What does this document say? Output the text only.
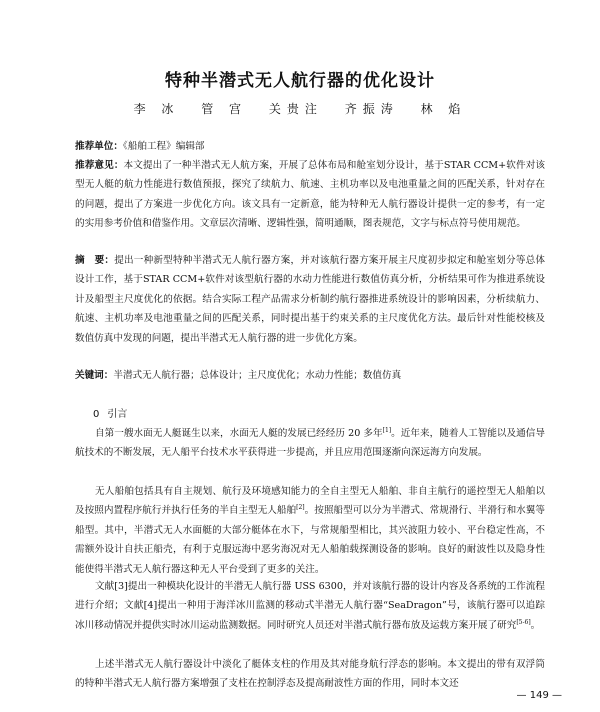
特种半潜式无人航行器的优化设计
李 冰 管 宫 关贵注 齐振涛 林 焰
推荐单位：《船舶工程》编辑部
推荐意见：本文提出了一种半潜式无人航方案，开展了总体布局和舱室划分设计，基于STAR CCM+软件对该型无人艇的航力性能进行数值预报，探究了续航力、航速、主机功率以及电池重量之间的匹配关系，针对存在的问题，提出了方案进一步优化方向。该文具有一定新意，能为特种无人航行器设计提供一定的参考，有一定的实用参考价值和借鉴作用。文章层次清晰、逻辑性强，简明通顺，图表规范，文字与标点符号使用规范。
摘　要：提出一种新型特种半潜式无人航行器方案，并对该航行器方案开展主尺度初步拟定和舱室划分等总体设计工作，基于STAR CCM+软件对该型航行器的水动力性能进行数值仿真分析，分析结果可作为推进系统设计及船型主尺度优化的依据。结合实际工程产品需求分析制约航行器推进系统设计的影响因素，分析续航力、航速、主机功率及电池重量之间的匹配关系，同时提出基于约束关系的主尺度优化方法。最后针对性能校核及数值仿真中发现的问题，提出半潜式无人航行器的进一步优化方案。
关键词：半潜式无人航行器；总体设计；主尺度优化；水动力性能；数值仿真
0 引言
自第一艘水面无人艇诞生以来，水面无人艇的发展已经经历 20 多年[1]。近年来，随着人工智能以及通信导航技术的不断发展，无人船平台技术水平获得进一步提高，并且应用范围逐渐向深远海方向发展。
无人船舶包括具有自主规划、航行及环境感知能力的全自主型无人船舶、非自主航行的遥控型无人船舶以及按照内置程序航行并执行任务的半自主型无人船舶[2]。按照船型可以分为半潜式、常规滑行、半滑行和水翼等船型。其中，半潜式无人水面艇的大部分艇体在水下，与常规船型相比，其兴波阻力较小、平台稳定性高，不需额外设计自扶正船壳，有利于克服远海中恶劣海况对无人船舶载探测设备的影响。良好的耐波性以及隐身性能使得半潜式无人航行器这种无人平台受到了更多的关注。
文献[3]提出一种模块化设计的半潜无人航行器 USS 6300，并对该航行器的设计内容及各系统的工作流程进行介绍；文献[4]提出一种用于海洋冰川监测的移动式半潜无人航行器“SeaDragon”号，该航行器可以追踪冰川移动情况并提供实时冰川运动监测数据。同时研究人员还对半潜式航行器布放及运载方案开展了研究[5-6]。
上述半潜式无人航行器设计中淡化了艇体支柱的作用及其对能身航行浮态的影响。本文提出的带有双浮筒的特种半潜式无人航行器方案增强了支柱在控制浮态及提高耐波性方面的作用，同时本文还
— 149 —
